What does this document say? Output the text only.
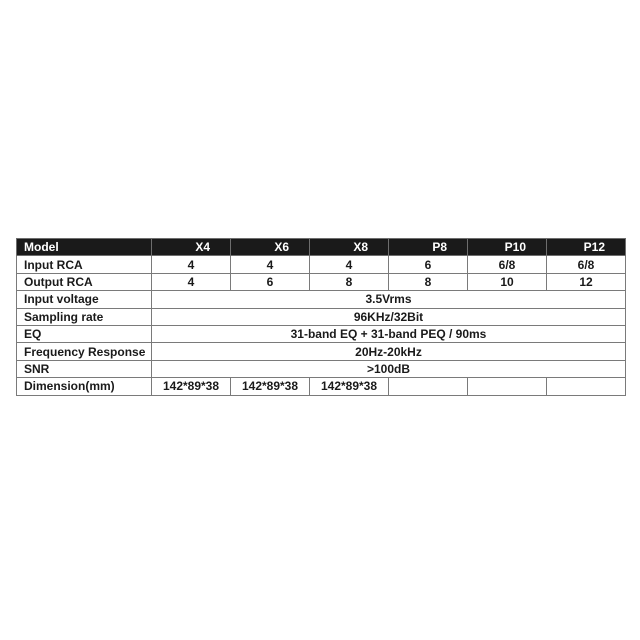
Model	X4	X6	X8	P8	P10	P12
Input RCA	4	4	4	6	6/8	6/8
Output RCA	4	6	8	8	10	12
Input voltage	3.5Vrms					
Sampling rate	96KHz/32Bit					
EQ	31-band EQ + 31-band PEQ / 90ms					
Frequency Response	20Hz-20kHz					
SNR	>100dB					
Dimension(mm)	142*89*38	142*89*38	142*89*38			
